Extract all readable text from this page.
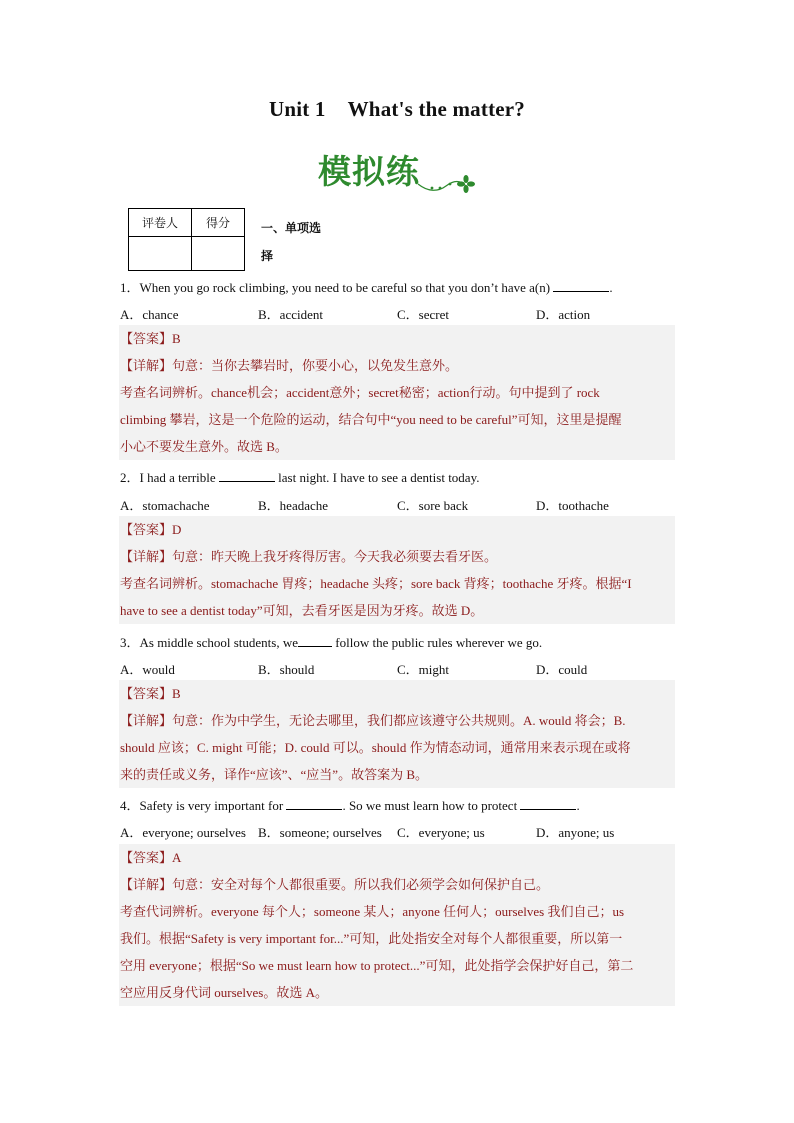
Unit 1 What's the matter?
模拟练
评卷人	得分
		一、单项选
择
1．When you go rock climbing, you need to be careful so that you don’t have a(n)	.
A．chance	B．accident	C．secret	D．action
【答案】B
【详解】句意：当你去攀岩时，你要小心，以免发生意外。
考查名词辨析。chance机会；accident意外；secret秘密；action行动。句中提到了 rock
climbing 攀岩，这是一个危险的运动，结合句中“you need to be careful”可知，这里是提醒
小心不要发生意外。故选 B。
2．I had a terrible	last night. I have to see a dentist today.
A．stomachache	B．headache	C．sore back	D．toothache
【答案】D
【详解】句意：昨天晚上我牙疼得厉害。今天我必须要去看牙医。
考查名词辨析。stomachache 胃疼；headache 头疼；sore back 背疼；toothache 牙疼。根据“I
have to see a dentist today”可知，去看牙医是因为牙疼。故选 D。
3．As middle school students, we	follow the public rules wherever we go.
A．would	B．should	C．might	D．could
【答案】B
【详解】句意：作为中学生，无论去哪里，我们都应该遵守公共规则。A. would 将会；B.
should 应该；C. might 可能；D. could 可以。should 作为情态动词，通常用来表示现在或将
来的责任或义务，译作“应该”、“应当”。故答案为 B。
4．Safety is very important for	. So we must learn how to protect	.
A．everyone; ourselves B．someone; ourselves C．everyone; us	D．anyone; us
【答案】A
【详解】句意：安全对每个人都很重要。所以我们必须学会如何保护自己。
考查代词辨析。everyone 每个人；someone 某人；anyone 任何人；ourselves 我们自己；us
我们。根据“Safety is very important for...”可知，此处指安全对每个人都很重要，所以第一
空用 everyone；根据“So we must learn how to protect...”可知，此处指学会保护好自己，第二
空应用反身代词 ourselves。故选 A。
